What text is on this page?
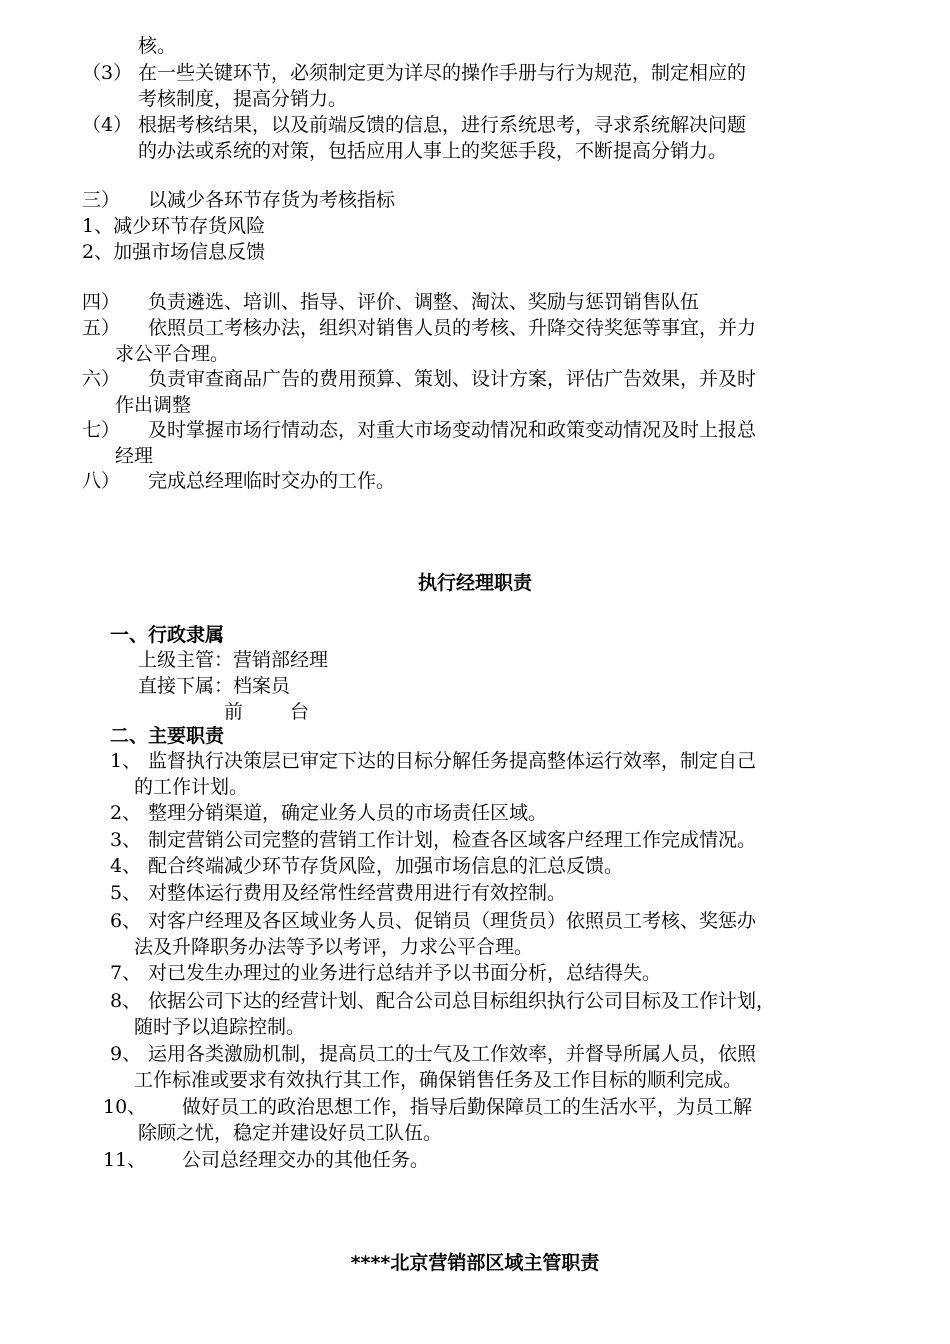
核。
（3） 在一些关键环节，必须制定更为详尽的操作手册与行为规范，制定相应的
考核制度，提高分销力。
（4） 根据考核结果，以及前端反馈的信息，进行系统思考，寻求系统解决问题
的办法或系统的对策，包括应用人事上的奖惩手段，不断提高分销力。
三） 以减少各环节存货为考核指标
1、减少环节存货风险
2、加强市场信息反馈
四） 负责遴选、培训、指导、评价、调整、淘汰、奖励与惩罚销售队伍
五） 依照员工考核办法，组织对销售人员的考核、升降交待奖惩等事宜，并力
求公平合理。
六） 负责审查商品广告的费用预算、策划、设计方案，评估广告效果，并及时
作出调整
七） 及时掌握市场行情动态，对重大市场变动情况和政策变动情况及时上报总
经理
八） 完成总经理临时交办的工作。
执行经理职责
一、行政隶属
上级主管：营销部经理
直接下属：档案员
前 台
二、主要职责
1、 监督执行决策层已审定下达的目标分解任务提高整体运行效率，制定自己
的工作计划。
2、 整理分销渠道，确定业务人员的市场责任区域。
3、 制定营销公司完整的营销工作计划，检查各区域客户经理工作完成情况。
4、 配合终端减少环节存货风险，加强市场信息的汇总反馈。
5、 对整体运行费用及经常性经营费用进行有效控制。
6、 对客户经理及各区域业务人员、促销员（理货员）依照员工考核、奖惩办
法及升降职务办法等予以考评，力求公平合理。
7、 对已发生办理过的业务进行总结并予以书面分析，总结得失。
8、 依据公司下达的经营计划、配合公司总目标组织执行公司目标及工作计划，
随时予以追踪控制。
9、 运用各类激励机制，提高员工的士气及工作效率，并督导所属人员，依照
工作标准或要求有效执行其工作，确保销售任务及工作目标的顺利完成。
10、 做好员工的政治思想工作，指导后勤保障员工的生活水平，为员工解
除顾之忧，稳定并建设好员工队伍。
11、 公司总经理交办的其他任务。
****北京营销部区域主管职责
